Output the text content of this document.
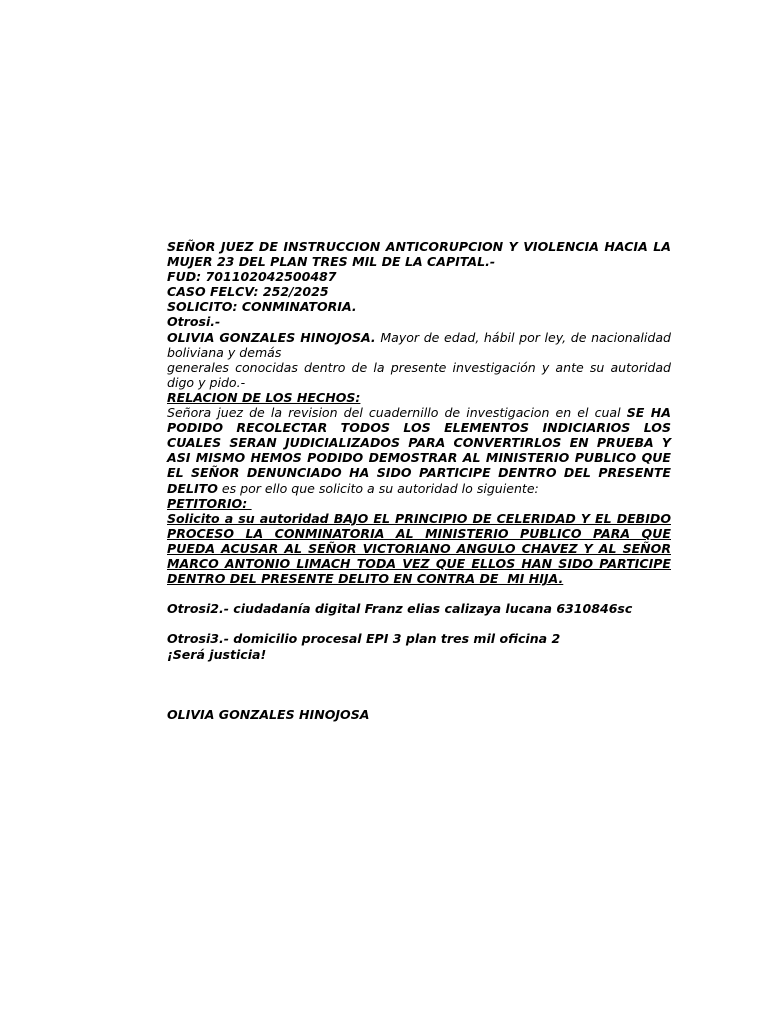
SEÑOR JUEZ DE INSTRUCCION ANTICORUPCION Y VIOLENCIA HACIA LA
MUJER 23 DEL PLAN TRES MIL DE LA CAPITAL.-
FUD: 701102042500487
CASO FELCV: 252/2025
SOLICITO: CONMINATORIA.
Otrosi.-
OLIVIA GONZALES HINOJOSA. Mayor de edad, hábil por ley, de nacionalidad
boliviana y demás
generales conocidas dentro de la presente investigación y ante su autoridad
digo y pido.-
RELACION DE LOS HECHOS:
Señora juez de la revision del cuadernillo de investigacion en el cual SE HA
PODIDO RECOLECTAR TODOS LOS ELEMENTOS INDICIARIOS LOS
CUALES SERAN JUDICIALIZADOS PARA CONVERTIRLOS EN PRUEBA Y
ASI MISMO HEMOS PODIDO DEMOSTRAR AL MINISTERIO PUBLICO QUE
EL SEÑOR DENUNCIADO HA SIDO PARTICIPE DENTRO DEL PRESENTE
DELITO es por ello que solicito a su autoridad lo siguiente:
PETITORIO:
Solicito a su autoridad BAJO EL PRINCIPIO DE CELERIDAD Y EL DEBIDO
PROCESO LA CONMINATORIA AL MINISTERIO PUBLICO PARA QUE
PUEDA ACUSAR AL SEÑOR VICTORIANO ANGULO CHAVEZ Y AL SEÑOR
MARCO ANTONIO LIMACH TODA VEZ QUE ELLOS HAN SIDO PARTICIPE
DENTRO DEL PRESENTE DELITO EN CONTRA DE  MI HIJA.
Otrosi2.- ciudadanía digital Franz elias calizaya lucana 6310846sc
Otrosi3.- domicilio procesal EPI 3 plan tres mil oficina 2
¡Será justicia!
OLIVIA GONZALES HINOJOSA
